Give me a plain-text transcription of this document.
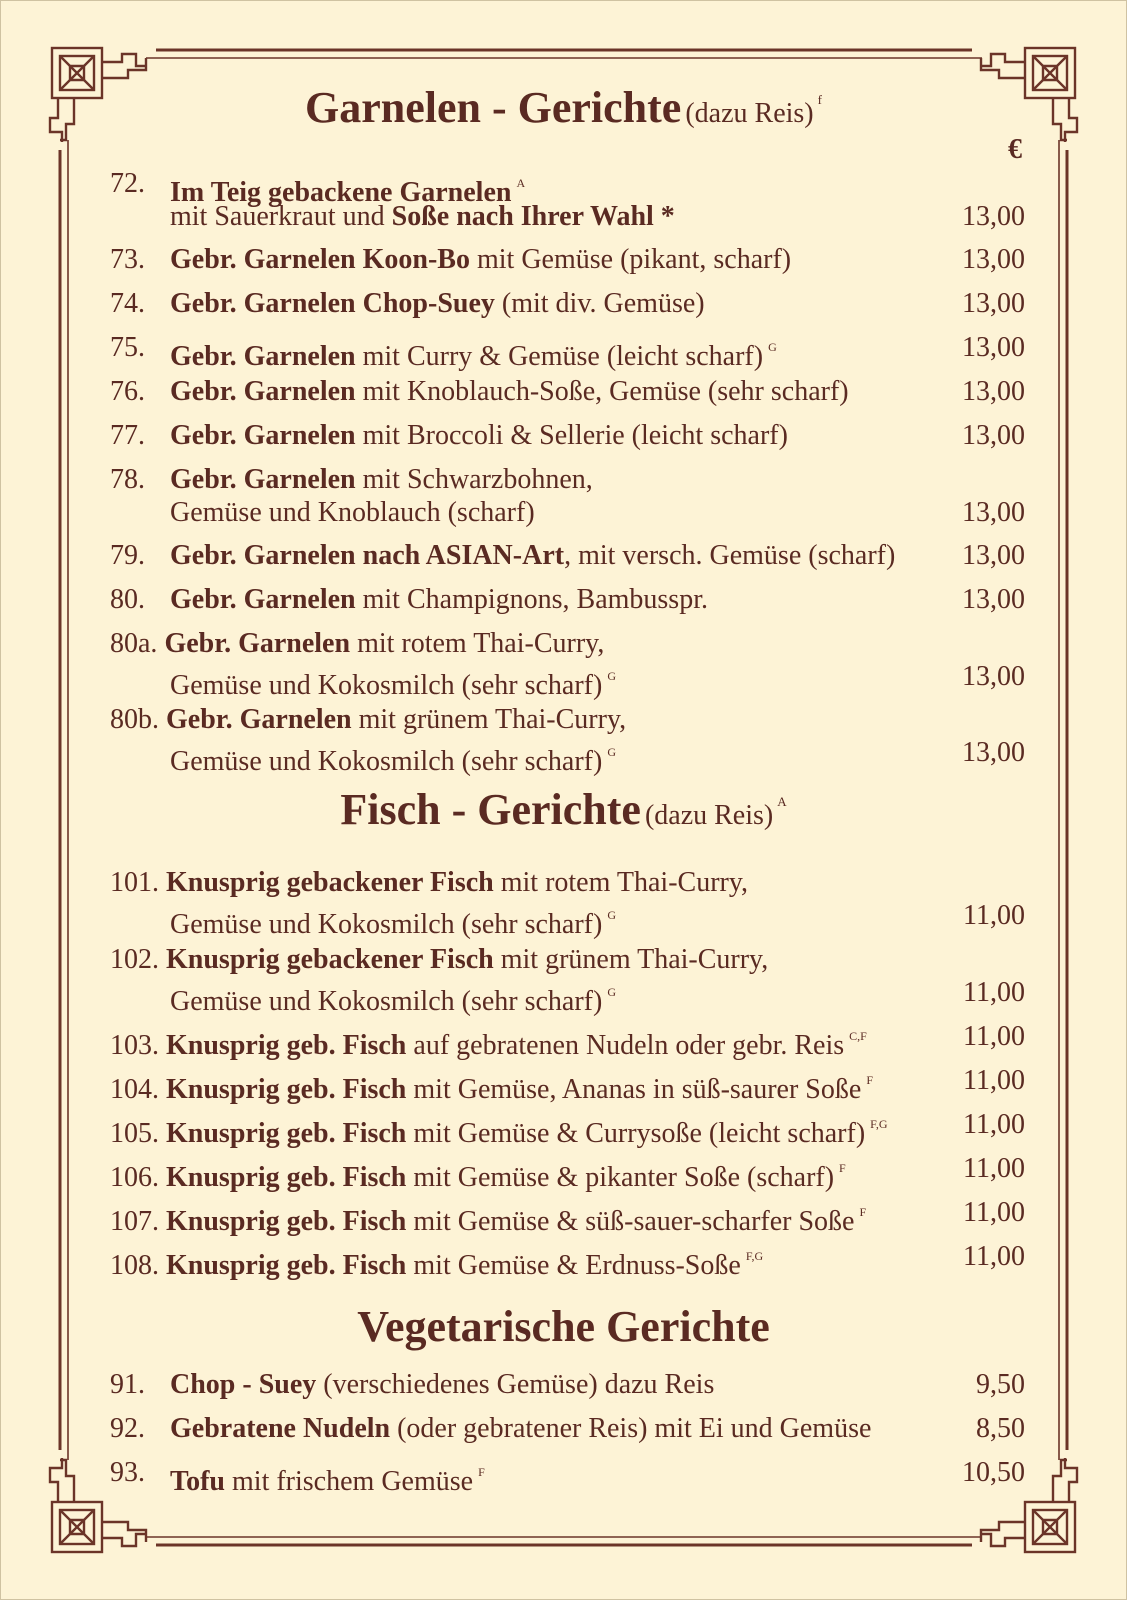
Garnelen - Gerichte (dazu Reis) $^f$
€
72. Im Teig gebackene Garnelen $^A$
mit Sauerkraut und Soße nach Ihrer Wahl *	13,00
73. Gebr. Garnelen Koon-Bo mit Gemüse (pikant, scharf)	13,00
74. Gebr. Garnelen Chop-Suey (mit div. Gemüse)	13,00
75. Gebr. Garnelen mit Curry & Gemüse (leicht scharf) $^G$	13,00
76. Gebr. Garnelen mit Knoblauch-Soße, Gemüse (sehr scharf)	13,00
77. Gebr. Garnelen mit Broccoli & Sellerie (leicht scharf)	13,00
78. Gebr. Garnelen mit Schwarzbohnen,
Gemüse und Knoblauch (scharf)	13,00
79. Gebr. Garnelen nach ASIAN-Art, mit versch. Gemüse (scharf) 13,00
80. Gebr. Garnelen mit Champignons, Bambusspr.	13,00
80a. Gebr. Garnelen mit rotem Thai-Curry,
Gemüse und Kokosmilch (sehr scharf) $^G$	13,00
80b. Gebr. Garnelen mit grünem Thai-Curry,
Gemüse und Kokosmilch (sehr scharf) $^G$	13,00
Fisch - Gerichte (dazu Reis) $^A$
101. Knusprig gebackener Fisch mit rotem Thai-Curry,
Gemüse und Kokosmilch (sehr scharf) $^G$	11,00
102. Knusprig gebackener Fisch mit grünem Thai-Curry,
Gemüse und Kokosmilch (sehr scharf) $^G$	11,00
103. Knusprig geb. Fisch auf gebratenen Nudeln oder gebr. Reis $^{C,F}$	11,00
104. Knusprig geb. Fisch mit Gemüse, Ananas in süß-saurer Soße $^F$	11,00
105. Knusprig geb. Fisch mit Gemüse & Currysoße (leicht scharf) $^{F,G}$	11,00
106. Knusprig geb. Fisch mit Gemüse & pikanter Soße (scharf) $^F$	11,00
107. Knusprig geb. Fisch mit Gemüse & süß-sauer-scharfer Soße $^F$	11,00
108. Knusprig geb. Fisch mit Gemüse & Erdnuss-Soße $^{F,G}$	11,00
Vegetarische Gerichte
91. Chop - Suey (verschiedenes Gemüse) dazu Reis	9,50
92. Gebratene Nudeln (oder gebratener Reis) mit Ei und Gemüse	8,50
93. Tofu mit frischem Gemüse $^F$	10,50
